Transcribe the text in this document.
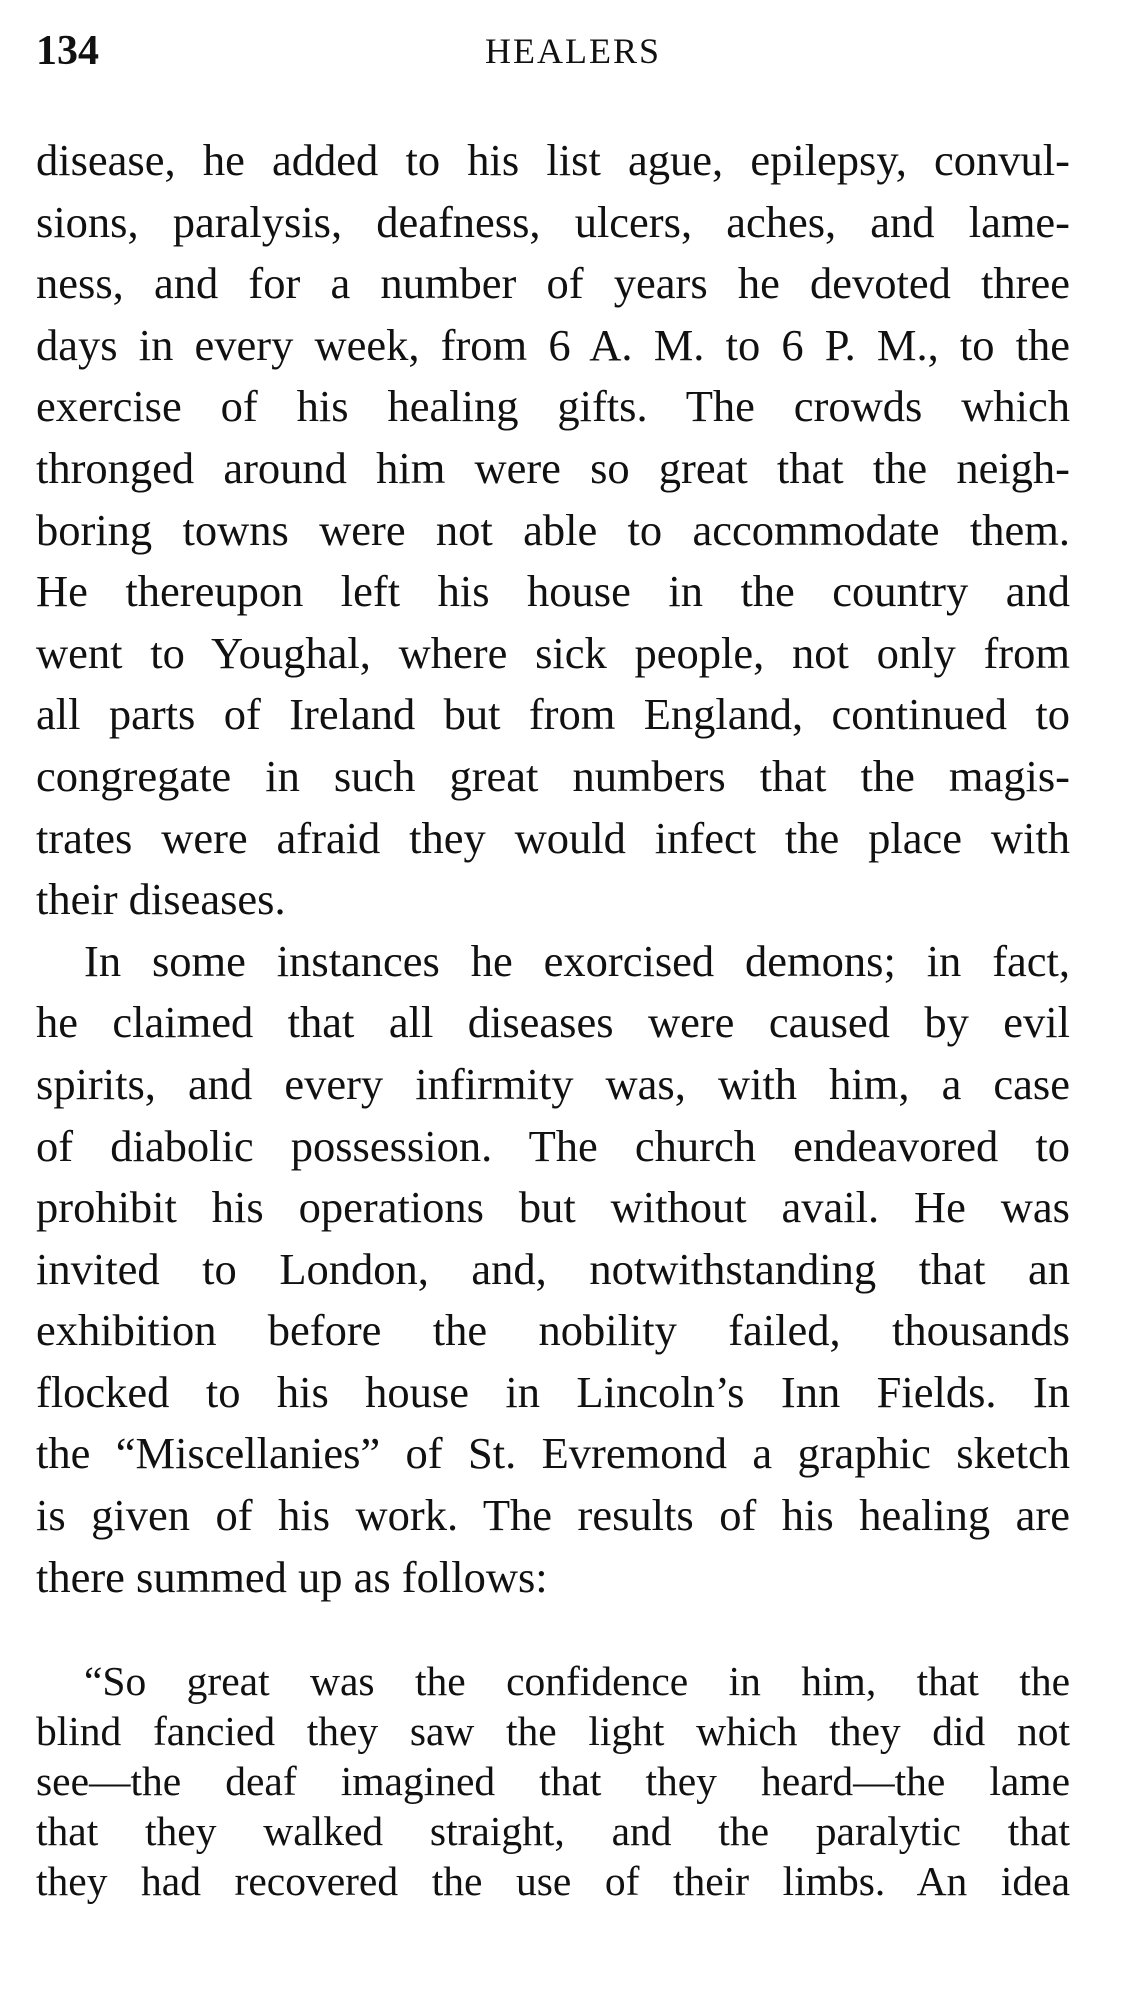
134	HEALERS
disease, he added to his list ague, epilepsy, convul-
sions, paralysis, deafness, ulcers, aches, and lame-
ness, and for a number of years he devoted three
days in every week, from 6 A. M. to 6 P. M., to the
exercise of his healing gifts. The crowds which
thronged around him were so great that the neigh-
boring towns were not able to accommodate them.
He thereupon left his house in the country and
went to Youghal, where sick people, not only from
all parts of Ireland but from England, continued to
congregate in such great numbers that the magis-
trates were afraid they would infect the place with
their diseases.
In some instances he exorcised demons; in fact,
he claimed that all diseases were caused by evil
spirits, and every infirmity was, with him, a case
of diabolic possession. The church endeavored to
prohibit his operations but without avail. He was
invited to London, and, notwithstanding that an
exhibition before the nobility failed, thousands
flocked to his house in Lincoln’s Inn Fields. In
the “Miscellanies” of St. Evremond a graphic sketch
is given of his work. The results of his healing are
there summed up as follows:
“So great was the confidence in him, that the
blind fancied they saw the light which they did not
see—the deaf imagined that they heard—the lame
that they walked straight, and the paralytic that
they had recovered the use of their limbs. An idea
